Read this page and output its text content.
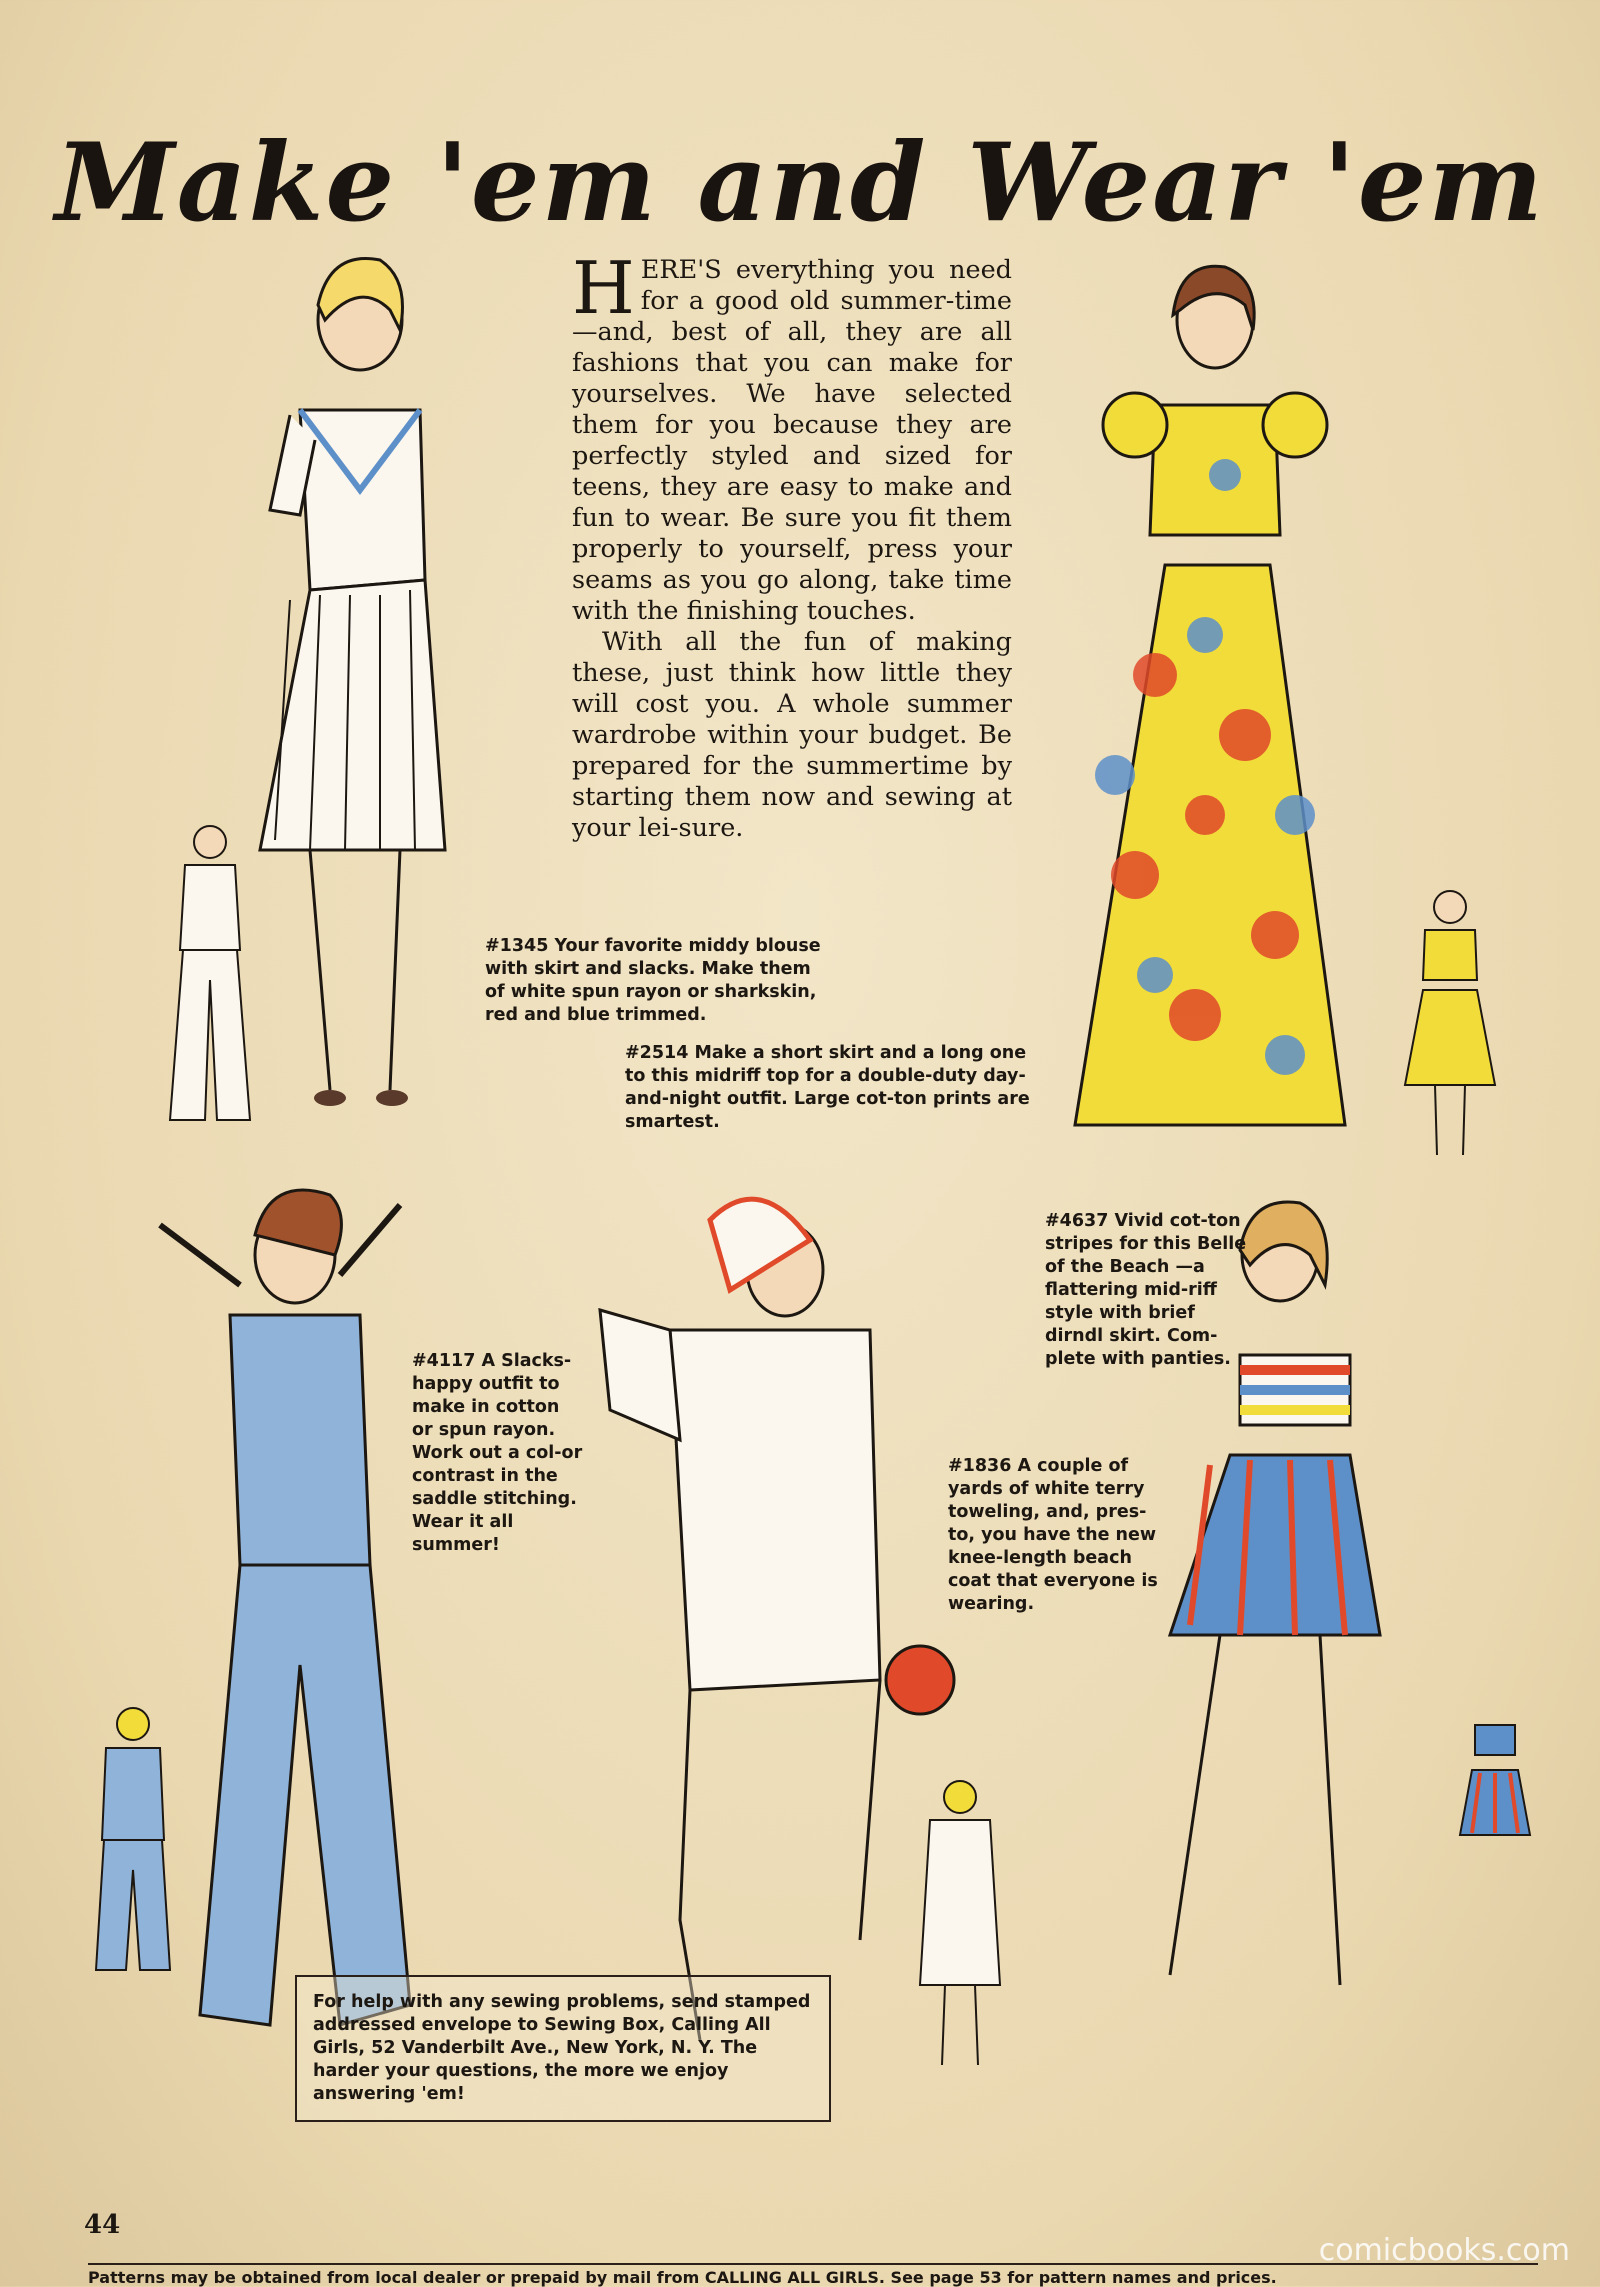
Make 'em and Wear 'em

HERE'S everything you need for a good old summer-time—and, best of all, they are all fashions that you can make for yourselves. We have selected them for you because they are perfectly styled and sized for teens, they are easy to make and fun to wear. Be sure you fit them properly to yourself, press your seams as you go along, take time with the finishing touches.

With all the fun of making these, just think how little they will cost you. A whole summer wardrobe within your budget. Be prepared for the summertime by starting them now and sewing at your lei-sure.

#1345 Your favorite middy blouse with skirt and slacks. Make them of white spun rayon or sharkskin, red and blue trimmed.
#2514 Make a short skirt and a long one to this midriff top for a double-duty day-and-night outfit. Large cot-ton prints are smartest.
#4637 Vivid cot-ton stripes for this Belle of the Beach —a flattering mid-riff style with brief dirndl skirt. Com-plete with panties.
#4117 A Slacks-happy outfit to make in cotton or spun rayon. Work out a col-or contrast in the saddle stitching. Wear it all summer!
#1836 A couple of yards of white terry toweling, and, pres-to, you have the new knee-length beach coat that everyone is wearing.
For help with any sewing problems, send stamped addressed envelope to Sewing Box, Calling All Girls, 52 Vanderbilt Ave., New York, N. Y. The harder your questions, the more we enjoy answering 'em!
Patterns may be obtained from local dealer or prepaid by mail from CALLING ALL GIRLS. See page 53 for pattern names and prices.
44
comicbooks.com
